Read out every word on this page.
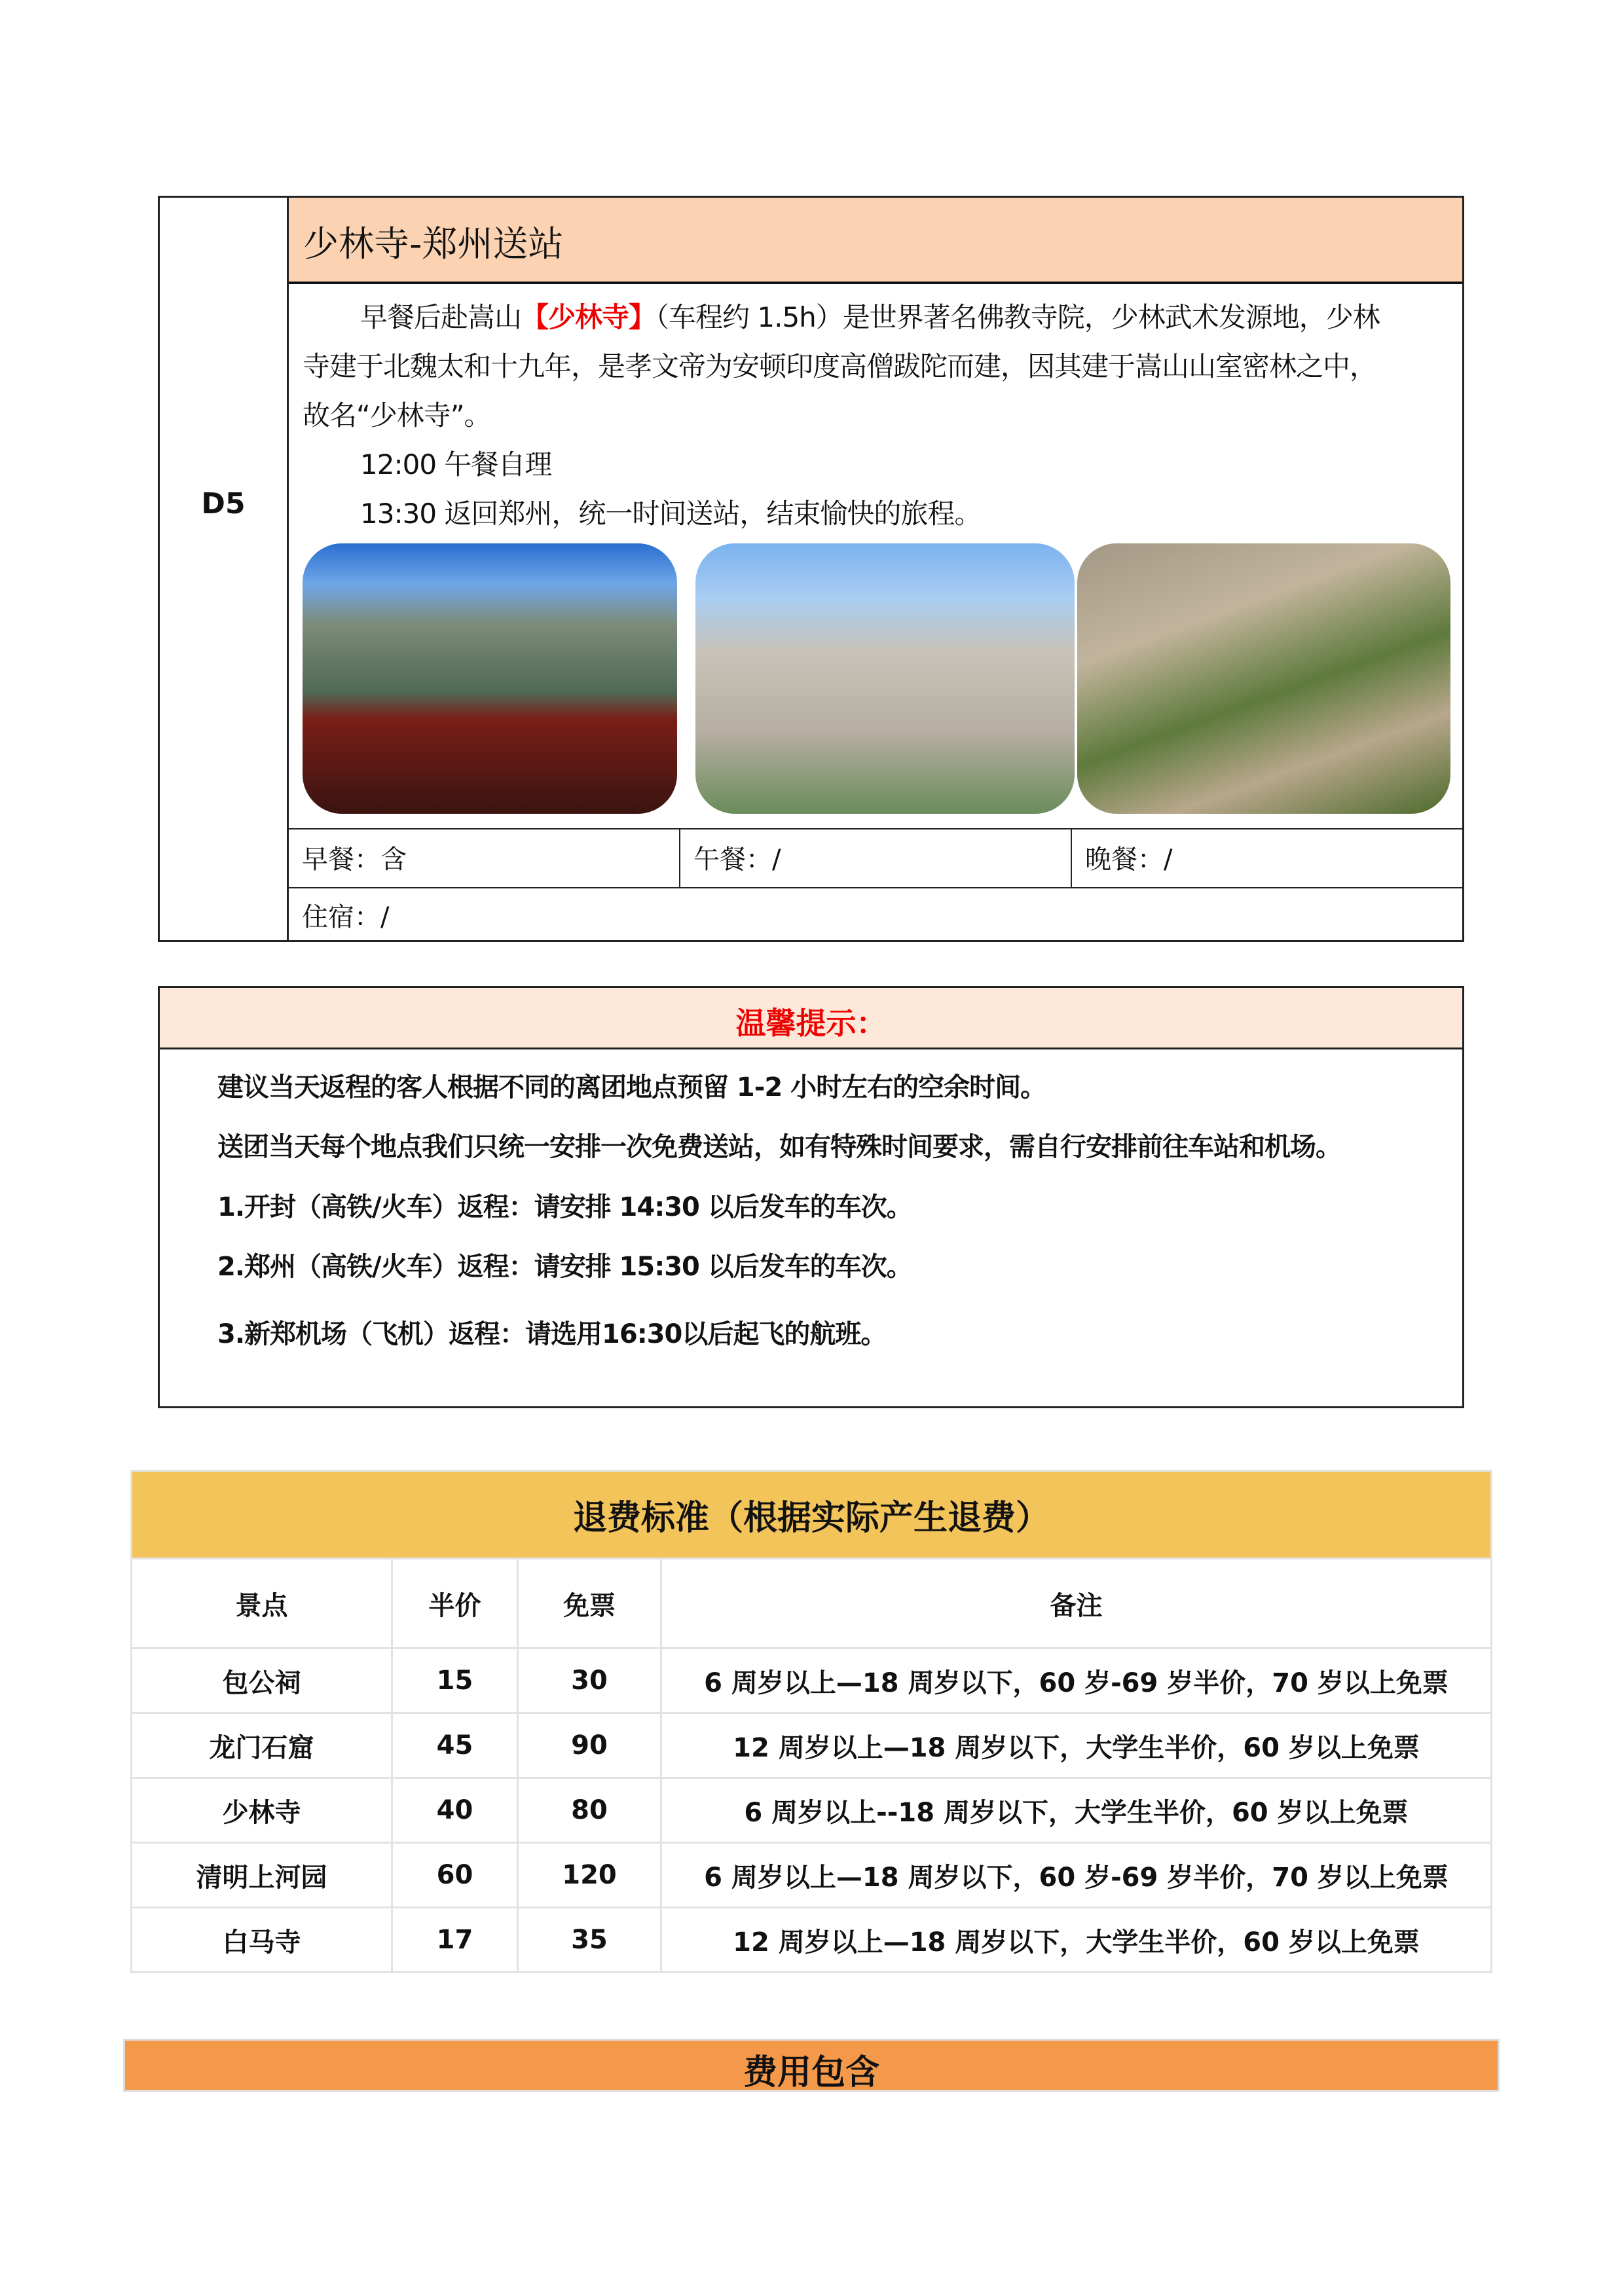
D5
少林寺-郑州送站
早餐后赴嵩山【少林寺】（车程约 1.5h）是世界著名佛教寺院，少林武术发源地，少林
寺建于北魏太和十九年，是孝文帝为安顿印度高僧跋陀而建，因其建于嵩山山室密林之中，
故名“少林寺”。
12:00 午餐自理
13:30 返回郑州，统一时间送站，结束愉快的旅程。
早餐：含	午餐：/	晚餐：/
住宿：/
温馨提示：
建议当天返程的客人根据不同的离团地点预留 1-2 小时左右的空余时间。
送团当天每个地点我们只统一安排一次免费送站，如有特殊时间要求，需自行安排前往车站和机场。
1.开封（高铁/火车）返程：请安排 14:30 以后发车的车次。
2.郑州（高铁/火车）返程：请安排 15:30 以后发车的车次。
3.新郑机场（飞机）返程：请选用16:30以后起飞的航班。
退费标准（根据实际产生退费）			
景点	半价	免票	备注
包公祠	15	30	6 周岁以上—18 周岁以下，60 岁-69 岁半价，70 岁以上免票
龙门石窟	45	90	12 周岁以上—18 周岁以下，大学生半价，60 岁以上免票
少林寺	40	80	6 周岁以上--18 周岁以下，大学生半价，60 岁以上免票
清明上河园	60	120	6 周岁以上—18 周岁以下，60 岁-69 岁半价，70 岁以上免票
白马寺	17	35	12 周岁以上—18 周岁以下，大学生半价，60 岁以上免票
费用包含
